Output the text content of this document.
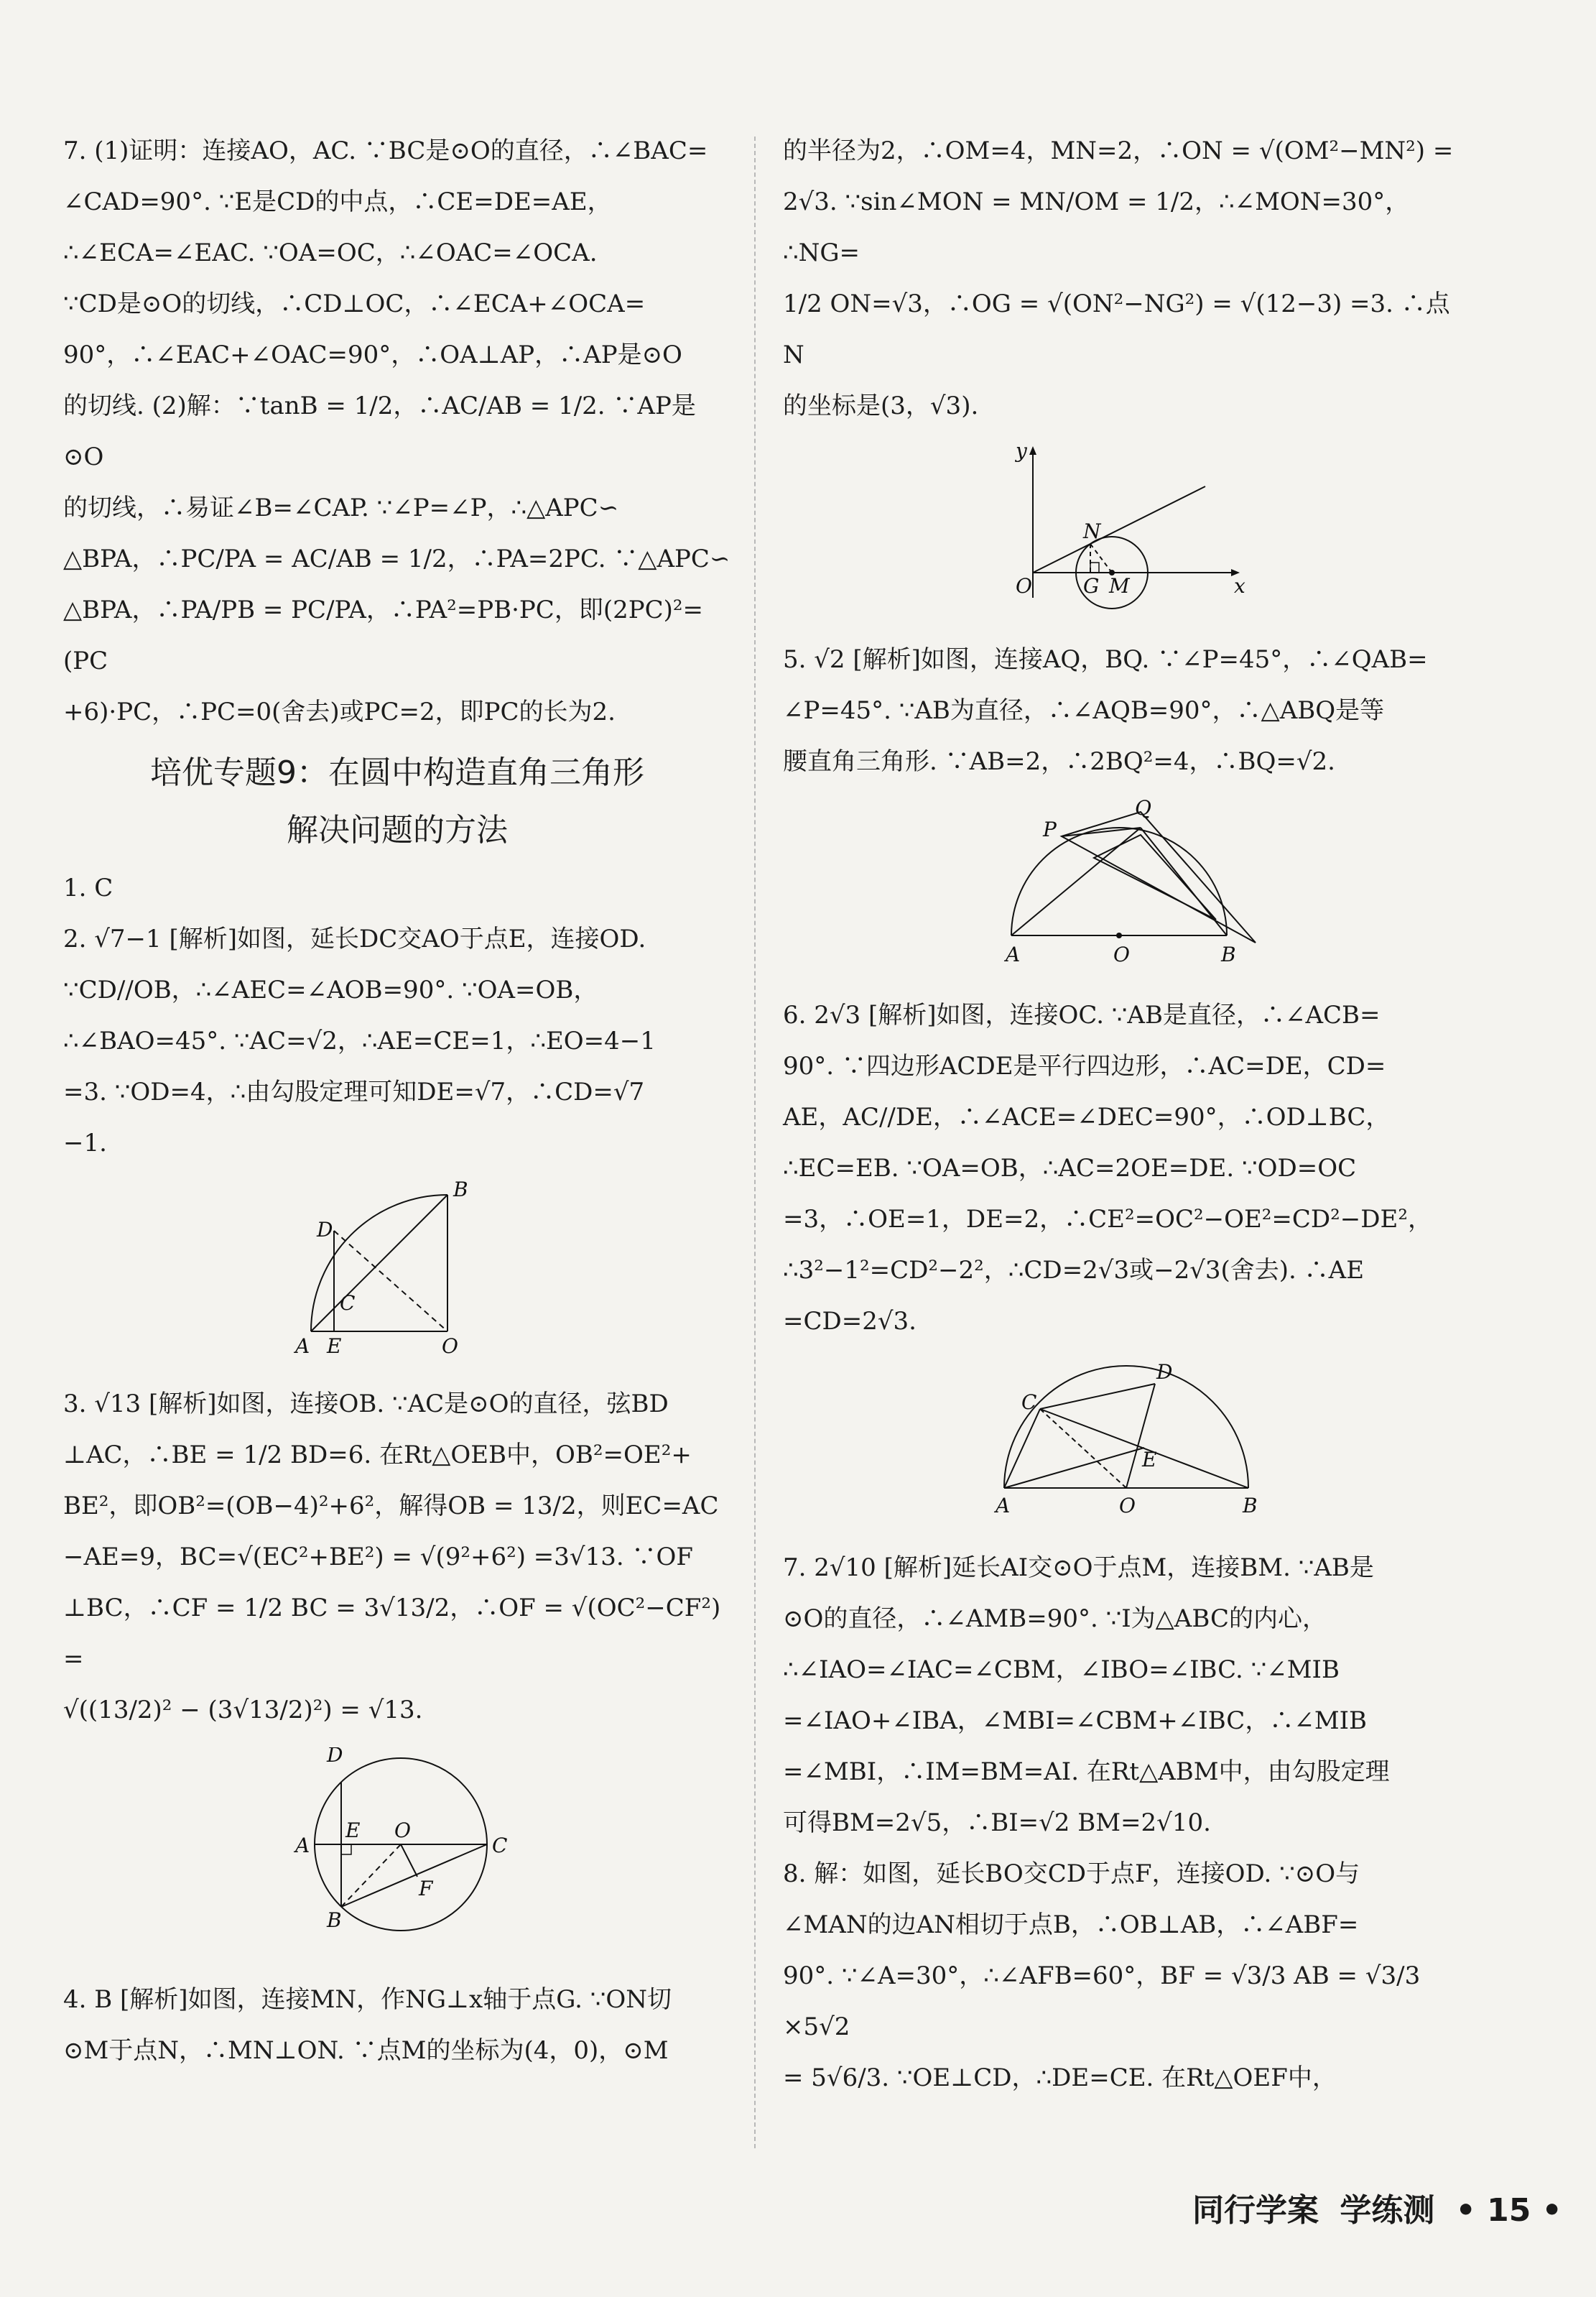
7. (1)证明：连接AO，AC. ∵BC是⊙O的直径，∴∠BAC=

∠CAD=90°. ∵E是CD的中点，∴CE=DE=AE，

∴∠ECA=∠EAC. ∵OA=OC，∴∠OAC=∠OCA.

∵CD是⊙O的切线，∴CD⊥OC，∴∠ECA+∠OCA=

90°，∴∠EAC+∠OAC=90°，∴OA⊥AP，∴AP是⊙O

的切线. (2)解：∵tanB = 1/2，∴AC/AB = 1/2. ∵AP是⊙O

的切线，∴易证∠B=∠CAP. ∵∠P=∠P，∴△APC∽

△BPA，∴PC/PA = AC/AB = 1/2，∴PA=2PC. ∵△APC∽

△BPA，∴PA/PB = PC/PA，∴PA²=PB·PC，即(2PC)²=(PC

+6)·PC，∴PC=0(舍去)或PC=2，即PC的长为2.

培优专题9：在圆中构造直角三角形
解决问题的方法

1. C

2. √7−1 [解析]如图，延长DC交AO于点E，连接OD.

∵CD//OB，∴∠AEC=∠AOB=90°. ∵OA=OB，

∴∠BAO=45°. ∵AC=√2，∴AE=CE=1，∴EO=4−1

=3. ∵OD=4，∴由勾股定理可知DE=√7，∴CD=√7

−1.

B
D
C
A E	O

3. √13 [解析]如图，连接OB. ∵AC是⊙O的直径，弦BD

⊥AC，∴BE = 1/2 BD=6. 在Rt△OEB中，OB²=OE²+

BE²，即OB²=(OB−4)²+6²，解得OB = 13/2，则EC=AC

−AE=9，BC=√(EC²+BE²) = √(9²+6²) =3√13. ∵OF

⊥BC，∴CF = 1/2 BC = 3√13/2，∴OF = √(OC²−CF²) =

√((13/2)² − (3√13/2)²) = √13.

D
E O
A	C
F
B

4. B [解析]如图，连接MN，作NG⊥x轴于点G. ∵ON切

⊙M于点N，∴MN⊥ON. ∵点M的坐标为(4，0)，⊙M

的半径为2，∴OM=4，MN=2，∴ON = √(OM²−MN²) =

2√3. ∵sin∠MON = MN/OM = 1/2，∴∠MON=30°，∴NG=

1/2 ON=√3，∴OG = √(ON²−NG²) = √(12−3) =3. ∴点N

的坐标是(3，√3).

y
N
O	G M	x

5. √2 [解析]如图，连接AQ，BQ. ∵∠P=45°，∴∠QAB=

∠P=45°. ∵AB为直径，∴∠AQB=90°，∴△ABQ是等

腰直角三角形. ∵AB=2，∴2BQ²=4，∴BQ=√2.

Q
P
A	O	B

6. 2√3 [解析]如图，连接OC. ∵AB是直径，∴∠ACB=

90°. ∵四边形ACDE是平行四边形，∴AC=DE，CD=

AE，AC//DE，∴∠ACE=∠DEC=90°，∴OD⊥BC，

∴EC=EB. ∵OA=OB，∴AC=2OE=DE. ∵OD=OC

=3，∴OE=1，DE=2，∴CE²=OC²−OE²=CD²−DE²，

∴3²−1²=CD²−2²，∴CD=2√3或−2√3(舍去). ∴AE

=CD=2√3.

D
C
E
A	O	B

7. 2√10 [解析]延长AI交⊙O于点M，连接BM. ∵AB是

⊙O的直径，∴∠AMB=90°. ∵I为△ABC的内心，

∴∠IAO=∠IAC=∠CBM，∠IBO=∠IBC. ∵∠MIB

=∠IAO+∠IBA，∠MBI=∠CBM+∠IBC，∴∠MIB

=∠MBI，∴IM=BM=AI. 在Rt△ABM中，由勾股定理

可得BM=2√5，∴BI=√2 BM=2√10.

8. 解：如图，延长BO交CD于点F，连接OD. ∵⊙O与

∠MAN的边AN相切于点B，∴OB⊥AB，∴∠ABF=

90°. ∵∠A=30°，∴∠AFB=60°，BF = √3/3 AB = √3/3 ×5√2

= 5√6/3. ∵OE⊥CD，∴DE=CE. 在Rt△OEF中，

同行学案 学练测 • 15 •
